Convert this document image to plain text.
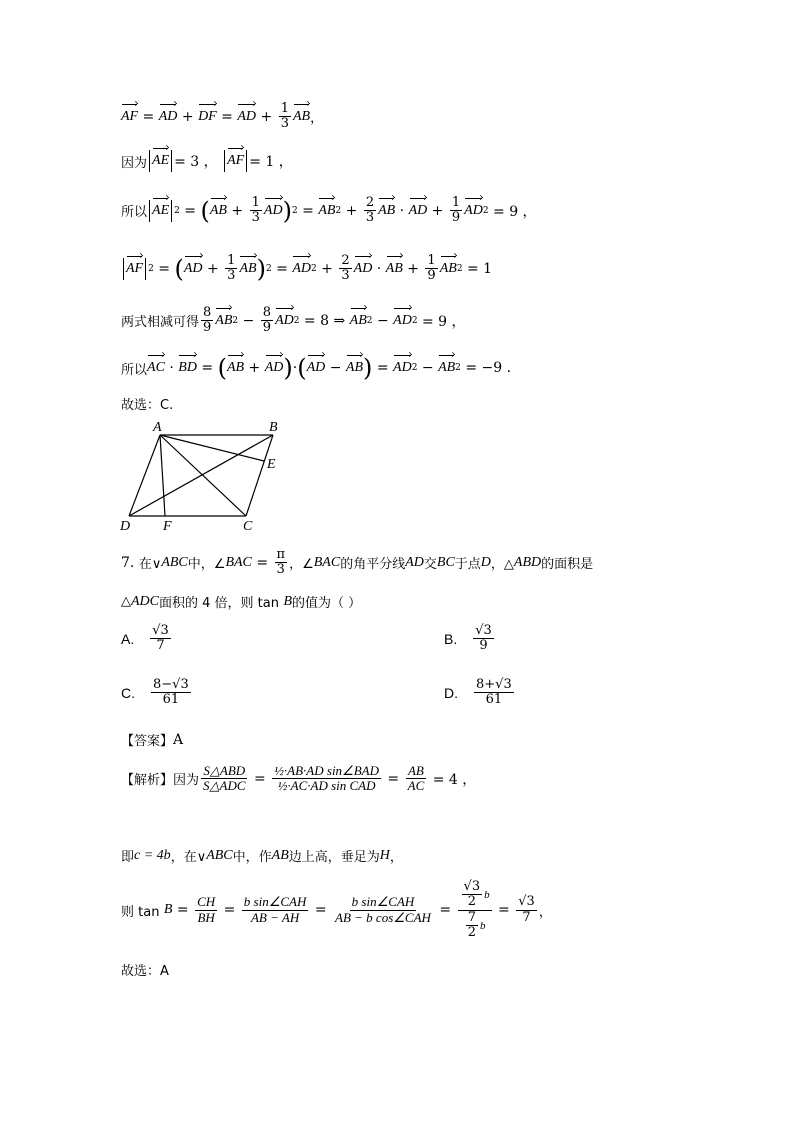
AF = AD + DF = AD + $\frac{1}{3}$ AB ，
因为 AE = 3 ，
AF = 1 ，
所以 AE 2 = ( AB + $\frac{1}{3}$ AD ) 2 = AB $2 + \frac{2}{3}$ AB · AD + $\frac{1}{9}$ AD 2
= 9 ，
AF 2 = ( AD + $\frac{1}{3}$ AB ) 2 = AD $2 + \frac{2}{3}$ AD · AB + $\frac{1}{9}$ AB 2
= 1
两式相减可得 $\frac{8}{9}$ AB $2 - \frac{8}{9}$ AD 2
= 8 ⇒
AB 2 − AD 2
= 9 ，
所以 AC · BD = ( AB + AD ) · ( AD − AB ) = AD 2 − AB 2
= −9 .
故选：C.
A	B
E
D F	C
7.
在∨ ABC 中，∠ BAC
=
$\frac{\pi}{3}$ ，∠ BAC 的角平分线 AD 交 BC 于点 D ，△ ABD 的面积是
△ ADC 面积的 4 倍，则 tan
B 的值为（ ）
A. $\frac{√3}{7}$	B. $\frac{√3}{9}$
C. $\frac{8-√3}{61}$	D. $\frac{8+√3}{61}$
【答案】 A
【解析】 因为 $\frac{\text{S△ABD}}{\text{S△ADC}} = \frac{\text{½·AB·AD sin∠BAD}}{\text{½·AC·AD sin CAD}} = \frac{AB}{AC}$
= 4 ，
即 c = 4b ，在∨ ABC 中，作 AB 边上高，垂足为 H ，
则 tan
$B = \frac{CH}{BH} = \frac{\text{b sin∠CAH}}{AB - AH} = \frac{\text{b sin∠CAH}}{\text{AB − b cos∠CAH}} = \frac{\frac{√3}{2} b}{\frac{7}{2} b} = \frac{√3}{7}$ ，
故选：A
